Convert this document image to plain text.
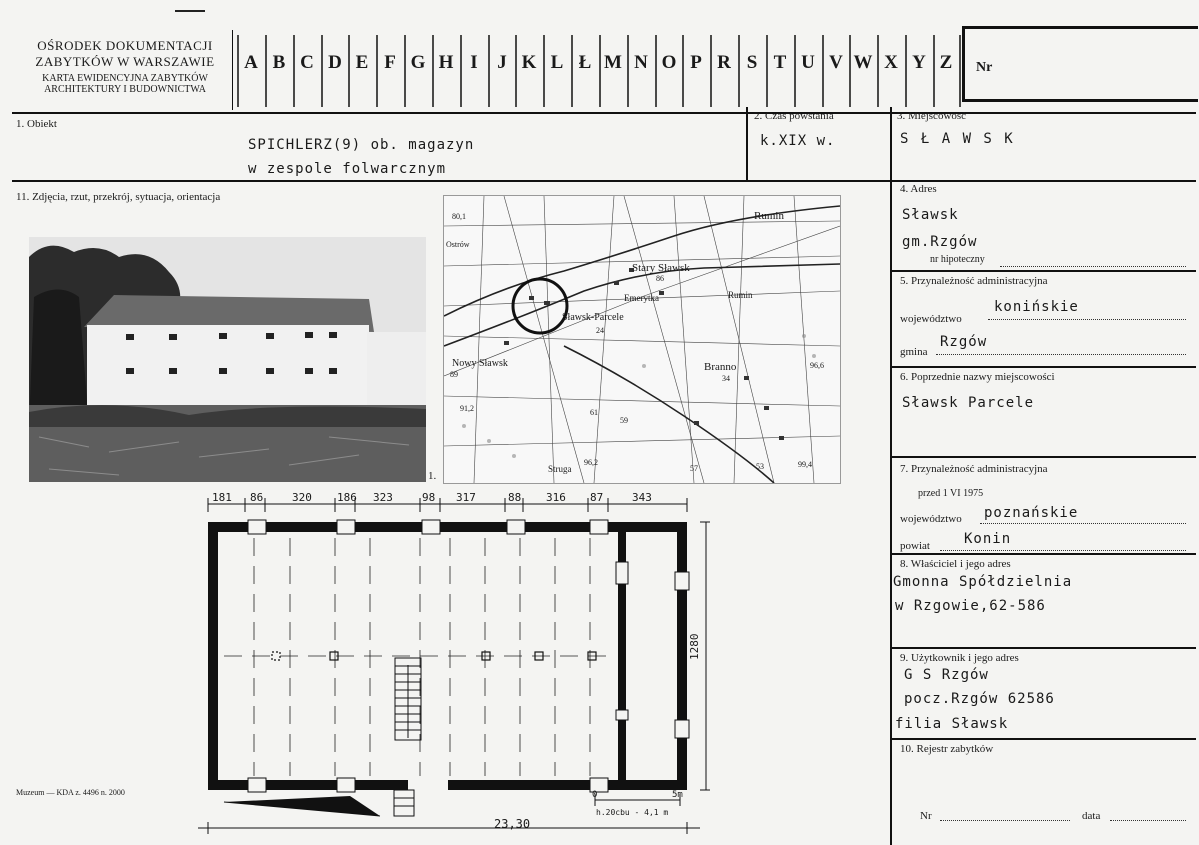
OŚRODEK DOKUMENTACJI
ZABYTKÓW W WARSZAWIE
KARTA EWIDENCYJNA ZABYTKÓW
ARCHITEKTURY I BUDOWNICTWA
A B C D E F G H I	J K L Ł M N O P R S T U V W X Y Z	Nr
1. Obiekt
SPICHLERZ(9) ob. magazyn
w zespole folwarcznym
2. Czas powstania
k.XIX w.
3. Miejscowość
S Ł A W S K
11. Zdjęcia, rzut, przekrój, sytuacja, orientacja
Rumin
Stary Sławsk
Emerytka	Rumin
Sławsk-Parcele
Nowy Sławsk	Branno
Struga
Ostrów
80,1
86
24
34
96,6
91,2	61
59
57	53	99,4
96,2
89
1.
181 86	320 186 323	98 317	88 316 87	343
23,30
1280
h.20cbu - 4,1 m
0	5m
Muzeum — KDA z. 4496 n. 2000
4. Adres
Sławsk
gm.Rzgów
nr hipoteczny
5. Przynależność administracyjna
województwo
konińskie
gmina
Rzgów
6. Poprzednie nazwy miejscowości
Sławsk Parcele
7. Przynależność administracyjna
przed 1 VI 1975
województwo poznańskie
powiat Konin
8. Właściciel i jego adres
Gmonna Spółdzielnia
w Rzgowie,62-586
9. Użytkownik i jego adres
G S Rzgów
pocz.Rzgów 62586
filia Sławsk
10. Rejestr zabytków
Nr	data
